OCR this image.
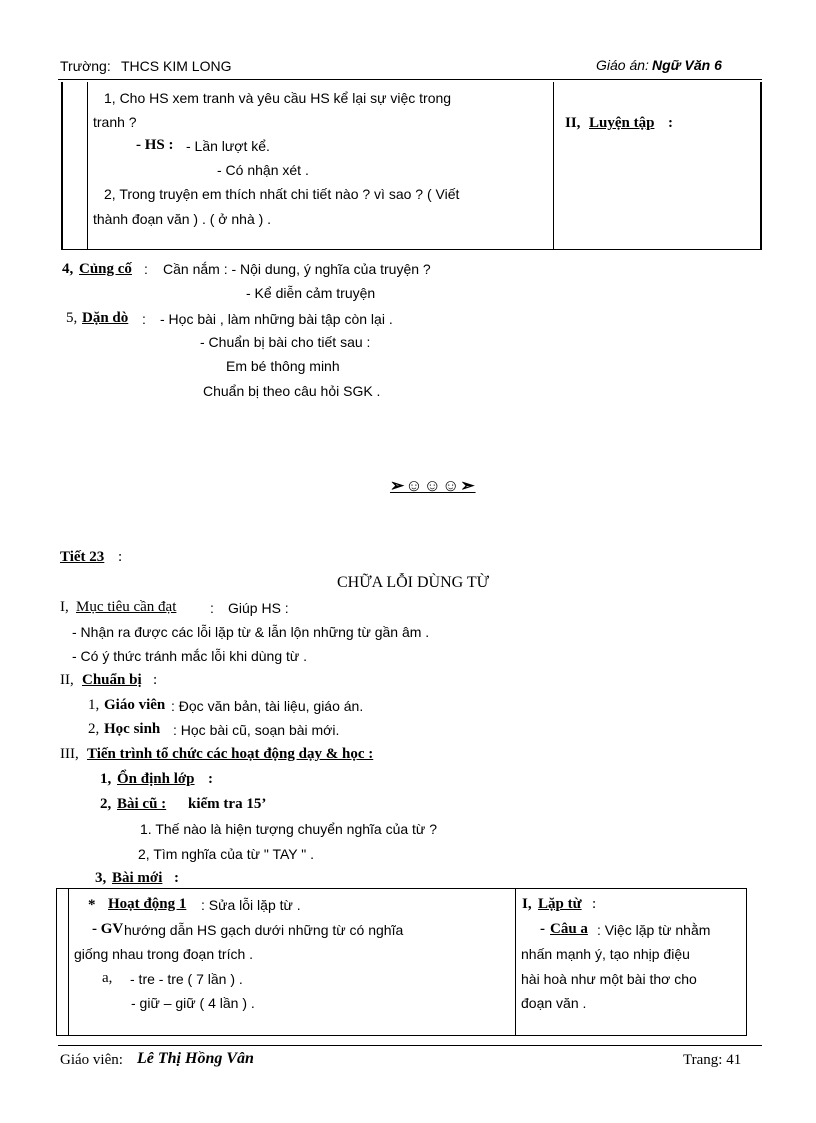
Trường: THCS KIM LONG	Giáo án: Ngữ Văn 6
1, Cho HS xem tranh và yêu cầu HS kể lại sự việc trong
tranh ?
- HS : - Lần lượt kể.
- Có nhận xét .
2, Trong truyện em thích nhất chi tiết nào ? vì sao ? ( Viết
thành đoạn văn ) . ( ở nhà ) .
II, Luyện tập :
4, Củng cố : Cần nắm : - Nội dung, ý nghĩa của truyện ?
- Kể diễn cảm truyện
5, Dặn dò : - Học bài , làm những bài tập còn lại .
- Chuẩn bị bài cho tiết sau :
Em bé thông minh
Chuẩn bị theo câu hỏi SGK .
➢☺☺☺➣
Tiết 23 :
CHỮA LỖI DÙNG TỪ
I, Mục tiêu cần đạt : Giúp HS :
- Nhận ra được các lỗi lặp từ & lẫn lộn những từ gần âm .
- Có ý thức tránh mắc lỗi khi dùng từ .
II, Chuẩn bị :
1, Giáo viên : Đọc văn bản, tài liệu, giáo án.
2, Học sinh : Học bài cũ, soạn bài mới.
III, Tiến trình tổ chức các hoạt động dạy & học :
1, Ổn định lớp :
2, Bài cũ : kiểm tra 15’
1. Thế nào là hiện tượng chuyển nghĩa của từ ?
2, Tìm nghĩa của từ " TAY " .
3, Bài mới :
* Hoạt động 1 : Sửa lỗi lặp từ .
- GV hướng dẫn HS gạch dưới những từ có nghĩa
giống nhau trong đoạn trích .
a, - tre - tre ( 7 lần ) .
- giữ – giữ ( 4 lần ) .
I, Lặp từ :
- Câu a : Việc lặp từ nhằm
nhấn mạnh ý, tạo nhịp điệu
hài hoà như một bài thơ cho
đoạn văn .
Giáo viên: Lê Thị Hồng Vân	Trang: 41
